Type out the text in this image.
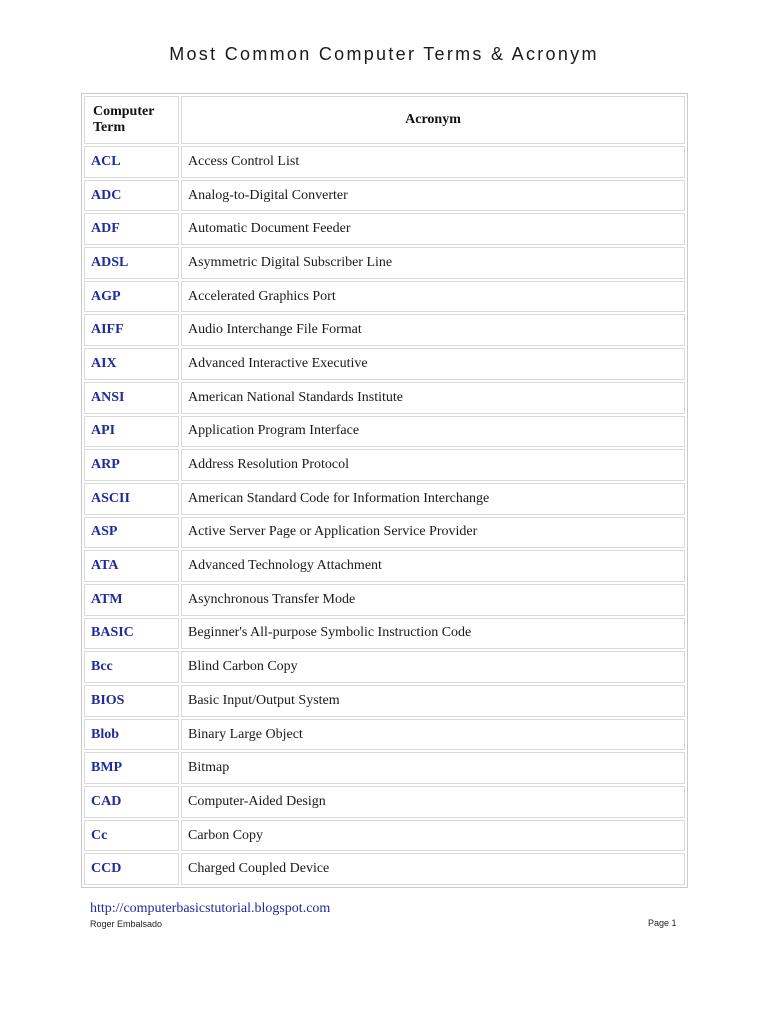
Most Common Computer Terms & Acronym
Computer Term	Acronym
ACL	Access Control List
ADC	Analog-to-Digital Converter
ADF	Automatic Document Feeder
ADSL	Asymmetric Digital Subscriber Line
AGP	Accelerated Graphics Port
AIFF	Audio Interchange File Format
AIX	Advanced Interactive Executive
ANSI	American National Standards Institute
API	Application Program Interface
ARP	Address Resolution Protocol
ASCII	American Standard Code for Information Interchange
ASP	Active Server Page or Application Service Provider
ATA	Advanced Technology Attachment
ATM	Asynchronous Transfer Mode
BASIC	Beginner's All-purpose Symbolic Instruction Code
Bcc	Blind Carbon Copy
BIOS	Basic Input/Output System
Blob	Binary Large Object
BMP	Bitmap
CAD	Computer-Aided Design
Cc	Carbon Copy
CCD	Charged Coupled Device
http://computerbasicstutorial.blogspot.com
Roger Embalsado	Page 1
